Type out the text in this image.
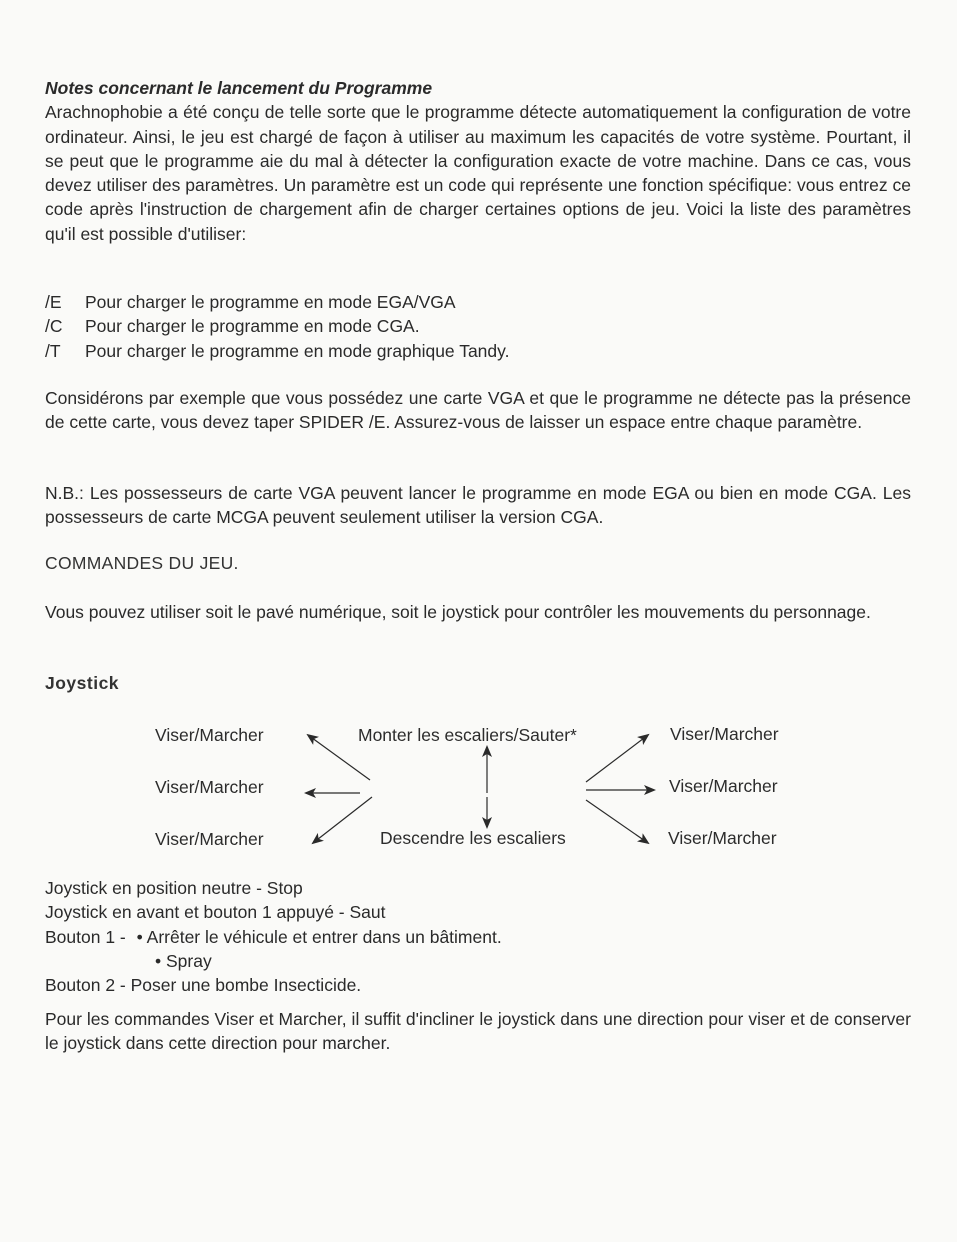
Notes concernant le lancement du Programme
Arachnophobie a été conçu de telle sorte que le programme détecte automatiquement la configuration de votre ordinateur. Ainsi, le jeu est chargé de façon à utiliser au maximum les capacités de votre système. Pourtant, il se peut que le programme aie du mal à détecter la configuration exacte de votre machine. Dans ce cas, vous devez utiliser des paramètres. Un paramètre est un code qui représente une fonction spécifique: vous entrez ce code après l'instruction de chargement afin de charger certaines options de jeu. Voici la liste des paramètres qu'il est possible d'utiliser:
/E	Pour charger le programme en mode EGA/VGA
/C	Pour charger le programme en mode CGA.
/T	Pour charger le programme en mode graphique Tandy.
Considérons par exemple que vous possédez une carte VGA et que le programme ne détecte pas la présence de cette carte, vous devez taper SPIDER /E. Assurez-vous de laisser un espace entre chaque paramètre.
N.B.: Les possesseurs de carte VGA peuvent lancer le programme en mode EGA ou bien en mode CGA. Les possesseurs de carte MCGA peuvent seulement utiliser la version CGA.
COMMANDES DU JEU.
Vous pouvez utiliser soit le pavé numérique, soit le joystick pour contrôler les mouvements du personnage.
Joystick
Viser/Marcher	Monter les escaliers/Sauter*	Viser/Marcher
Viser/Marcher	Viser/Marcher
Viser/Marcher	Descendre les escaliers	Viser/Marcher
Joystick en position neutre - Stop
Joystick en avant et bouton 1 appuyé - Saut
Bouton 1 - • Arrêter le véhicule et entrer dans un bâtiment.
• Spray
Bouton 2 - Poser une bombe Insecticide.
Pour les commandes Viser et Marcher, il suffit d'incliner le joystick dans une direction pour viser et de conserver le joystick dans cette direction pour marcher.
